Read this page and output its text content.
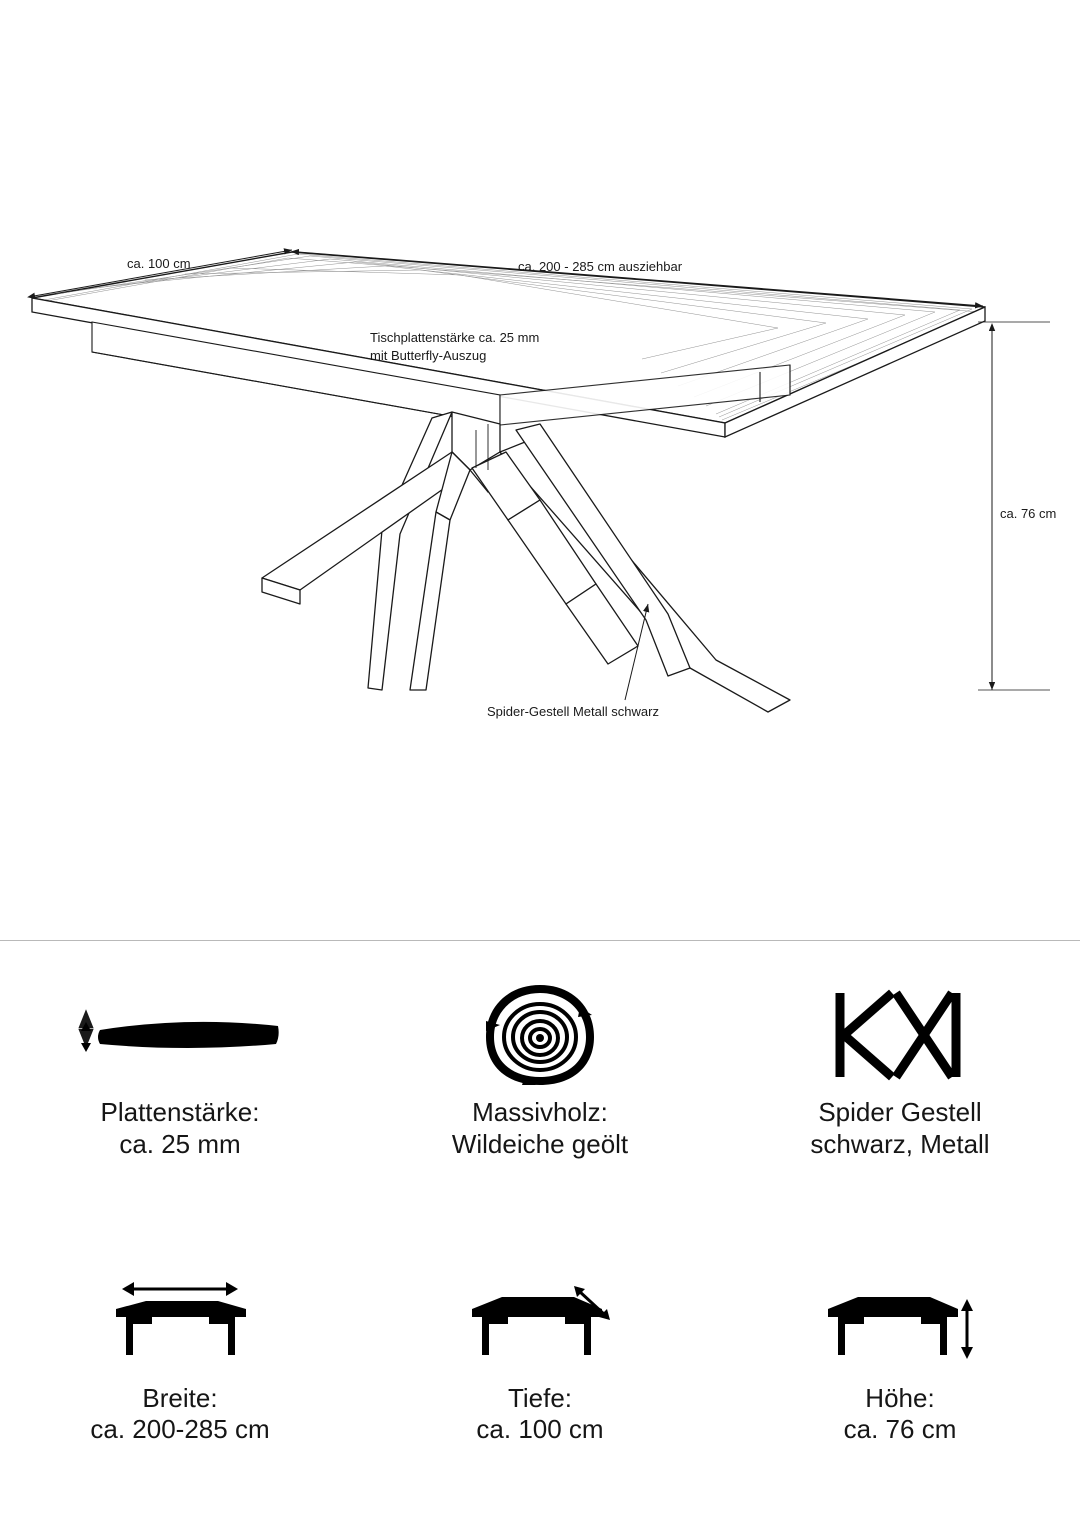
ca. 100 cm	ca. 200 - 285 cm ausziehbar
ca. 76 cm
Tischplattenstärke ca. 25 mm
mit Butterfly-Auszug
Spider-Gestell Metall schwarz
Plattenstärke:
ca. 25 mm
Massivholz:
Wildeiche geölt
Spider Gestell
schwarz, Metall
Breite:
ca. 200-285 cm
Tiefe:
ca. 100 cm
Höhe:
ca. 76 cm
